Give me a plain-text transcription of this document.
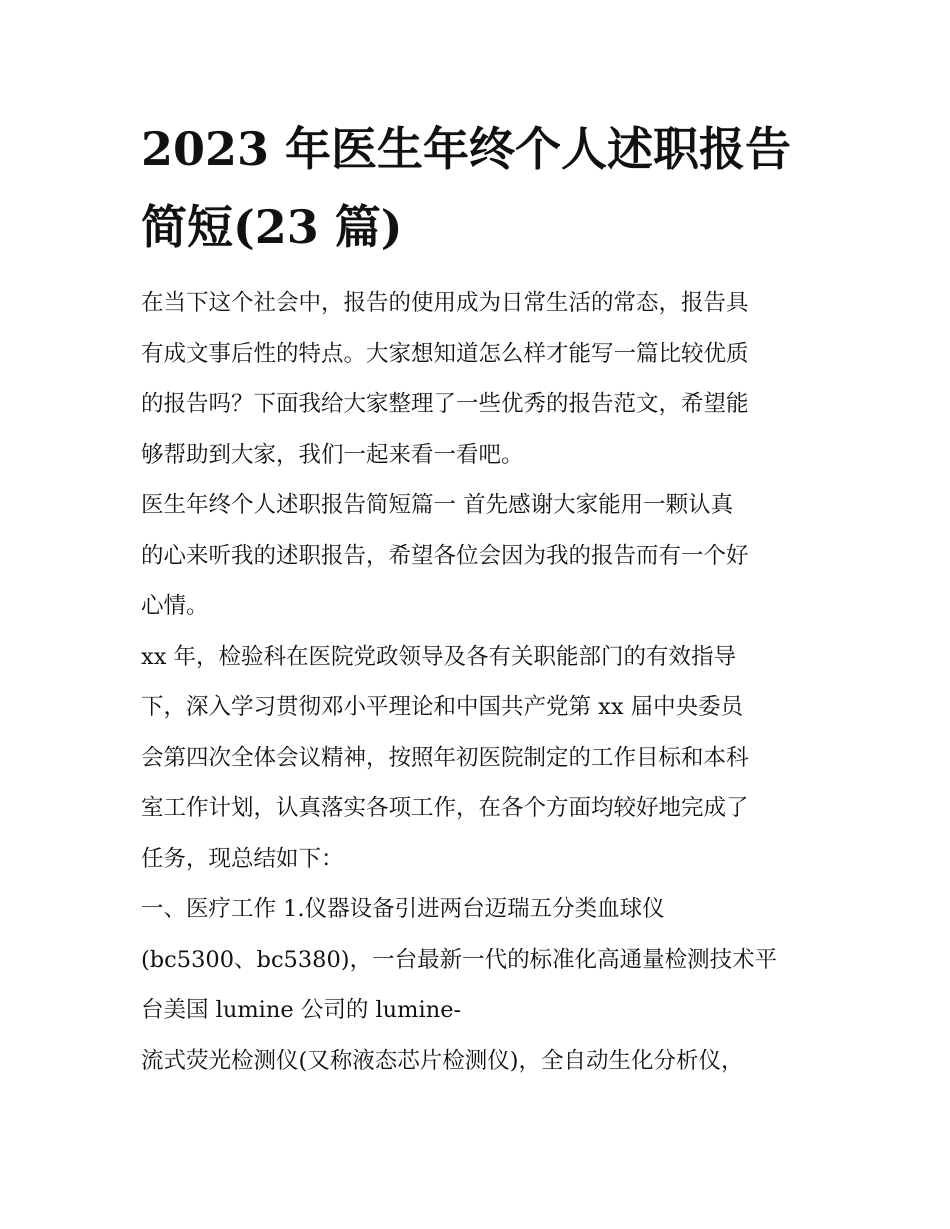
2023 年医生年终个人述职报告
简短(23 篇)

在当下这个社会中，报告的使用成为日常生活的常态，报告具
有成文事后性的特点。大家想知道怎么样才能写一篇比较优质
的报告吗？下面我给大家整理了一些优秀的报告范文，希望能
够帮助到大家，我们一起来看一看吧。

医生年终个人述职报告简短篇一 首先感谢大家能用一颗认真
的心来听我的述职报告，希望各位会因为我的报告而有一个好
心情。

xx 年，检验科在医院党政领导及各有关职能部门的有效指导
下，深入学习贯彻邓小平理论和中国共产党第 xx 届中央委员
会第四次全体会议精神，按照年初医院制定的工作目标和本科
室工作计划，认真落实各项工作，在各个方面均较好地完成了
任务，现总结如下：

一、医疗工作 1.仪器设备引进两台迈瑞五分类血球仪
(bc5300、bc5380)，一台最新一代的标准化高通量检测技术平
台美国 lumine 公司的 lumine-

流式荧光检测仪(又称液态芯片检测仪)，全自动生化分析仪，
